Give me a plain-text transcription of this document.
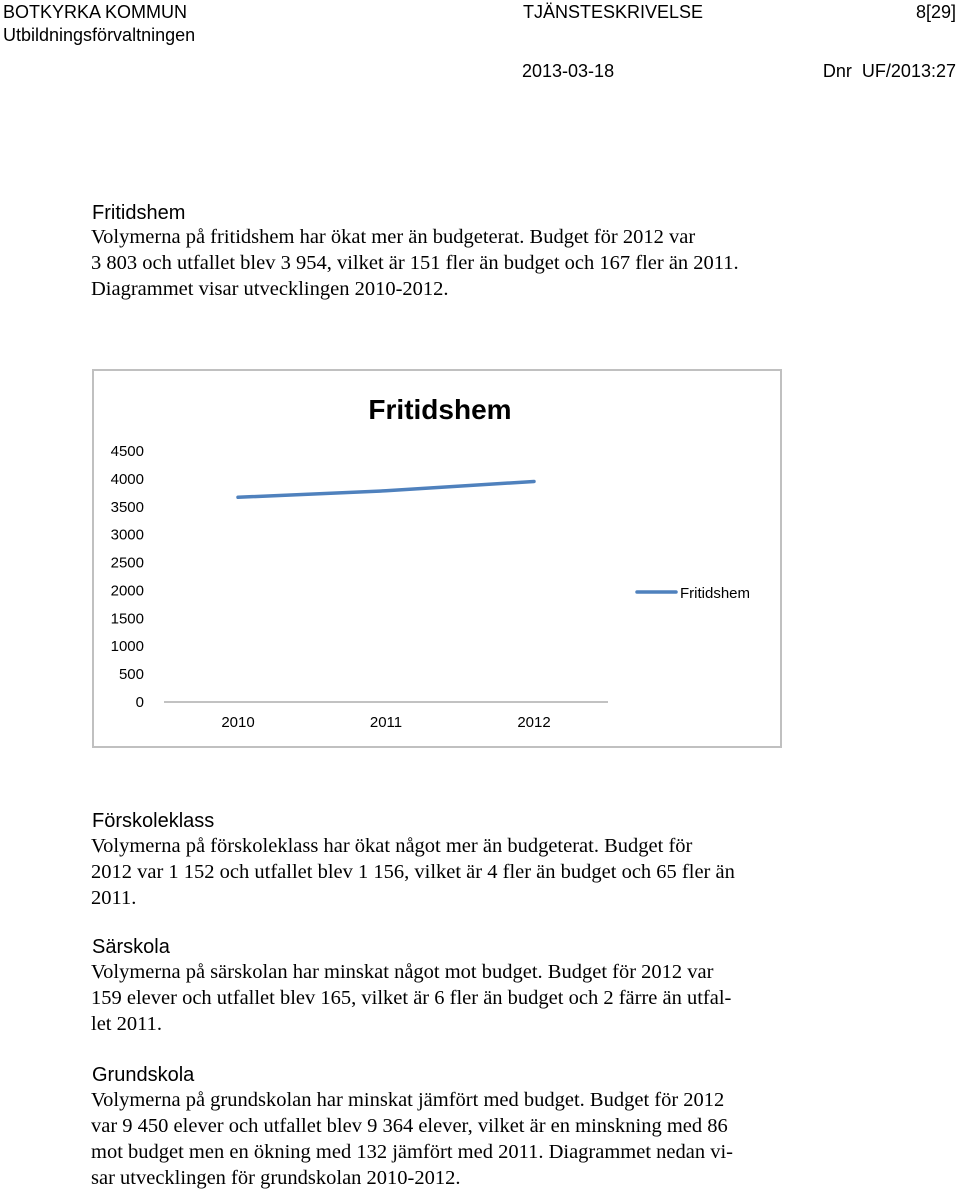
BOTKYRKA KOMMUN	TJÄNSTESKRIVELSE	8[29]
Utbildningsförvaltningen
2013-03-18	Dnr  UF/2013:27
Fritidshem
Volymerna på fritidshem har ökat mer än budgeterat. Budget för 2012 var
3 803 och utfallet blev 3 954, vilket är 151 fler än budget och 167 fler än 2011.
Diagrammet visar utvecklingen 2010-2012.
Fritidshem
0
500
1000
1500
2000
2500
3000
3500
4000
4500
2010	2011	2012
Fritidshem
Förskoleklass
Volymerna på förskoleklass har ökat något mer än budgeterat. Budget för
2012 var 1 152 och utfallet blev 1 156, vilket är 4 fler än budget och 65 fler än
2011.
Särskola
Volymerna på särskolan har minskat något mot budget. Budget för 2012 var
159 elever och utfallet blev 165, vilket är 6 fler än budget och 2 färre än utfal-
let 2011.
Grundskola
Volymerna på grundskolan har minskat jämfört med budget. Budget för 2012
var 9 450 elever och utfallet blev 9 364 elever, vilket är en minskning med 86
mot budget men en ökning med 132 jämfört med 2011. Diagrammet nedan vi-
sar utvecklingen för grundskolan 2010-2012.
